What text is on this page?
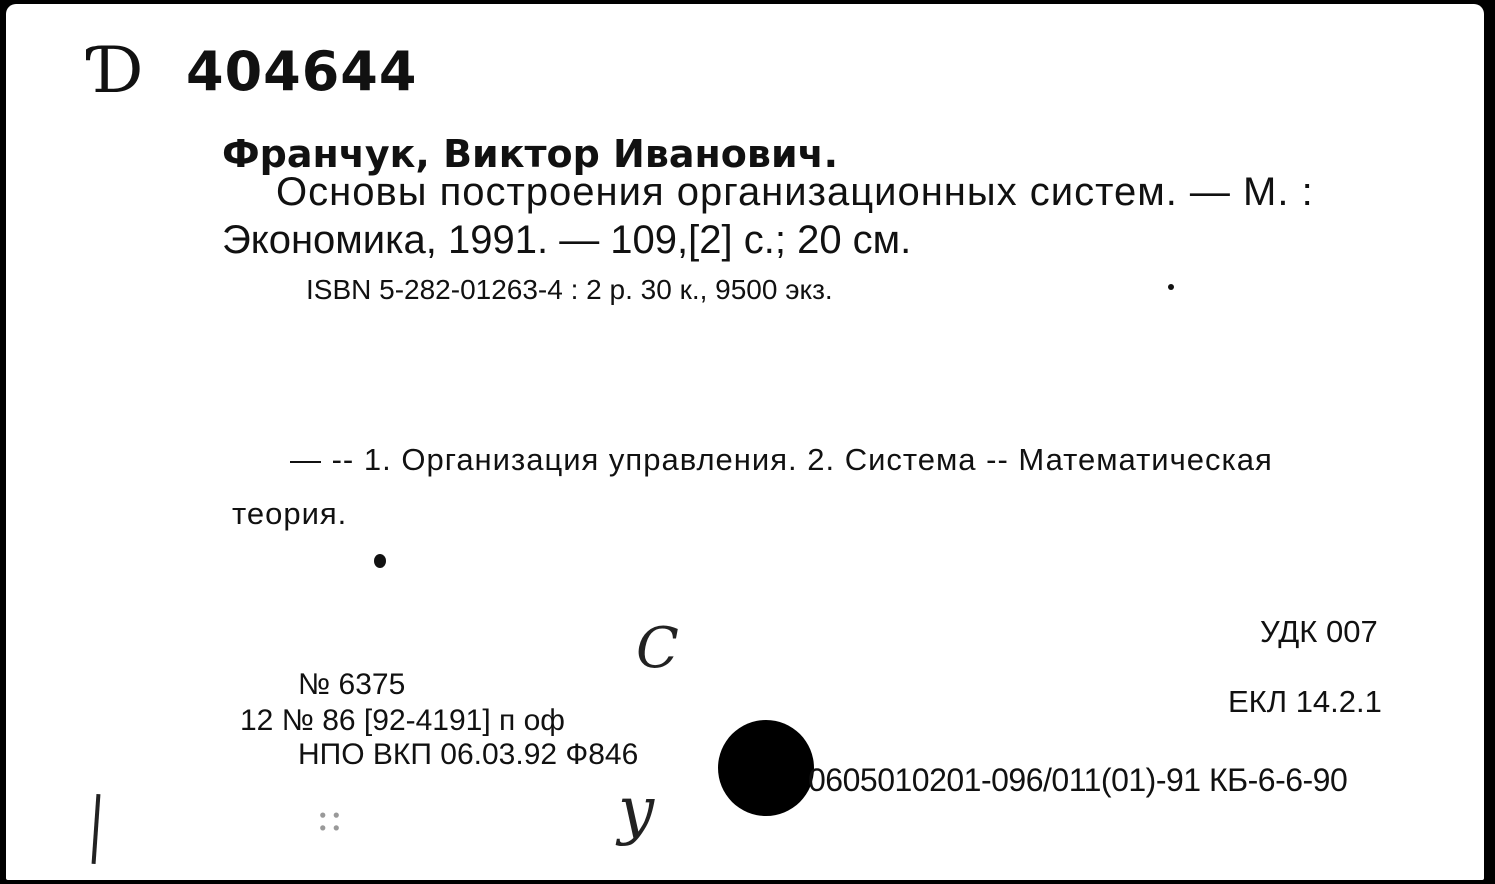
Ɗ 404644
Франчук, Виктор Иванович.
Основы построения организационных систем. — М. :
Экономика, 1991. — 109,[2] с.; 20 см.
ISBN 5-282-01263-4 : 2 р. 30 к., 9500 экз.
— -- 1. Организация управления. 2. Система -- Математическая
теория.
УДК 007
ЕКЛ 14.2.1
№ 6375
12 № 86 [92-4191] п оф
НПО ВКП 06.03.92 Ф846
0605010201-096/011(01)-91 КБ-6-6-90
C
y
::
